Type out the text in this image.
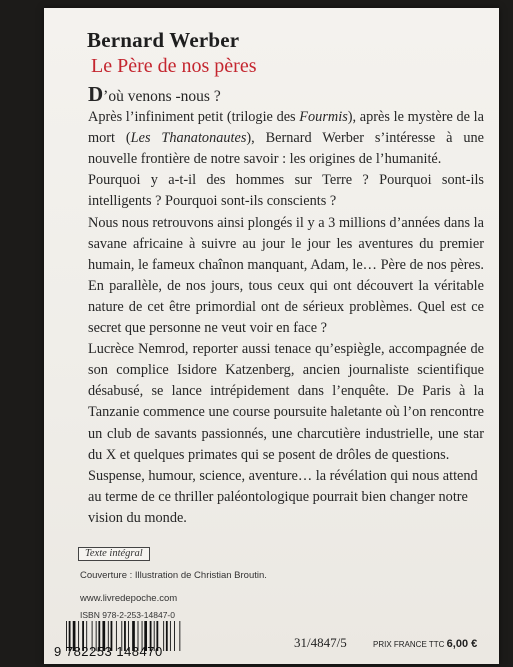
Bernard Werber
Le Père de nos pères

D’où venons -nous ?

Après l’infiniment petit (trilogie des Fourmis), après le mystère de la mort (Les Thanatonautes), Bernard Werber s’intéresse à une nouvelle frontière de notre savoir : les origines de l’humanité.

Pourquoi y a-t-il des hommes sur Terre ? Pourquoi sont-ils intelligents ? Pourquoi sont-ils conscients ?

Nous nous retrouvons ainsi plongés il y a 3 millions d’années dans la savane africaine à suivre au jour le jour les aventures du premier humain, le fameux chaînon manquant, Adam, le… Père de nos pères. En parallèle, de nos jours, tous ceux qui ont découvert la véritable nature de cet être primordial ont de sérieux problèmes. Quel est ce secret que personne ne veut voir en face ?

Lucrèce Nemrod, reporter aussi tenace qu’espiègle, accompagnée de son complice Isidore Katzenberg, ancien journaliste scientifique désabusé, se lance intrépidement dans l’enquête. De Paris à la Tanzanie commence une course poursuite haletante où l’on rencontre un club de savants passionnés, une charcutière industrielle, une star du X et quelques primates qui se posent de drôles de questions.

Suspense, humour, science, aventure… la révélation qui nous attend au terme de ce thriller paléontologique pourrait bien changer notre vision du monde.

Texte intégral
Couverture : Illustration de Christian Broutin.
www.livredepoche.com
ISBN 978-2-253-14847-0
9 782253 148470
31/4847/5	PRIX FRANCE TTC 6,00 €
